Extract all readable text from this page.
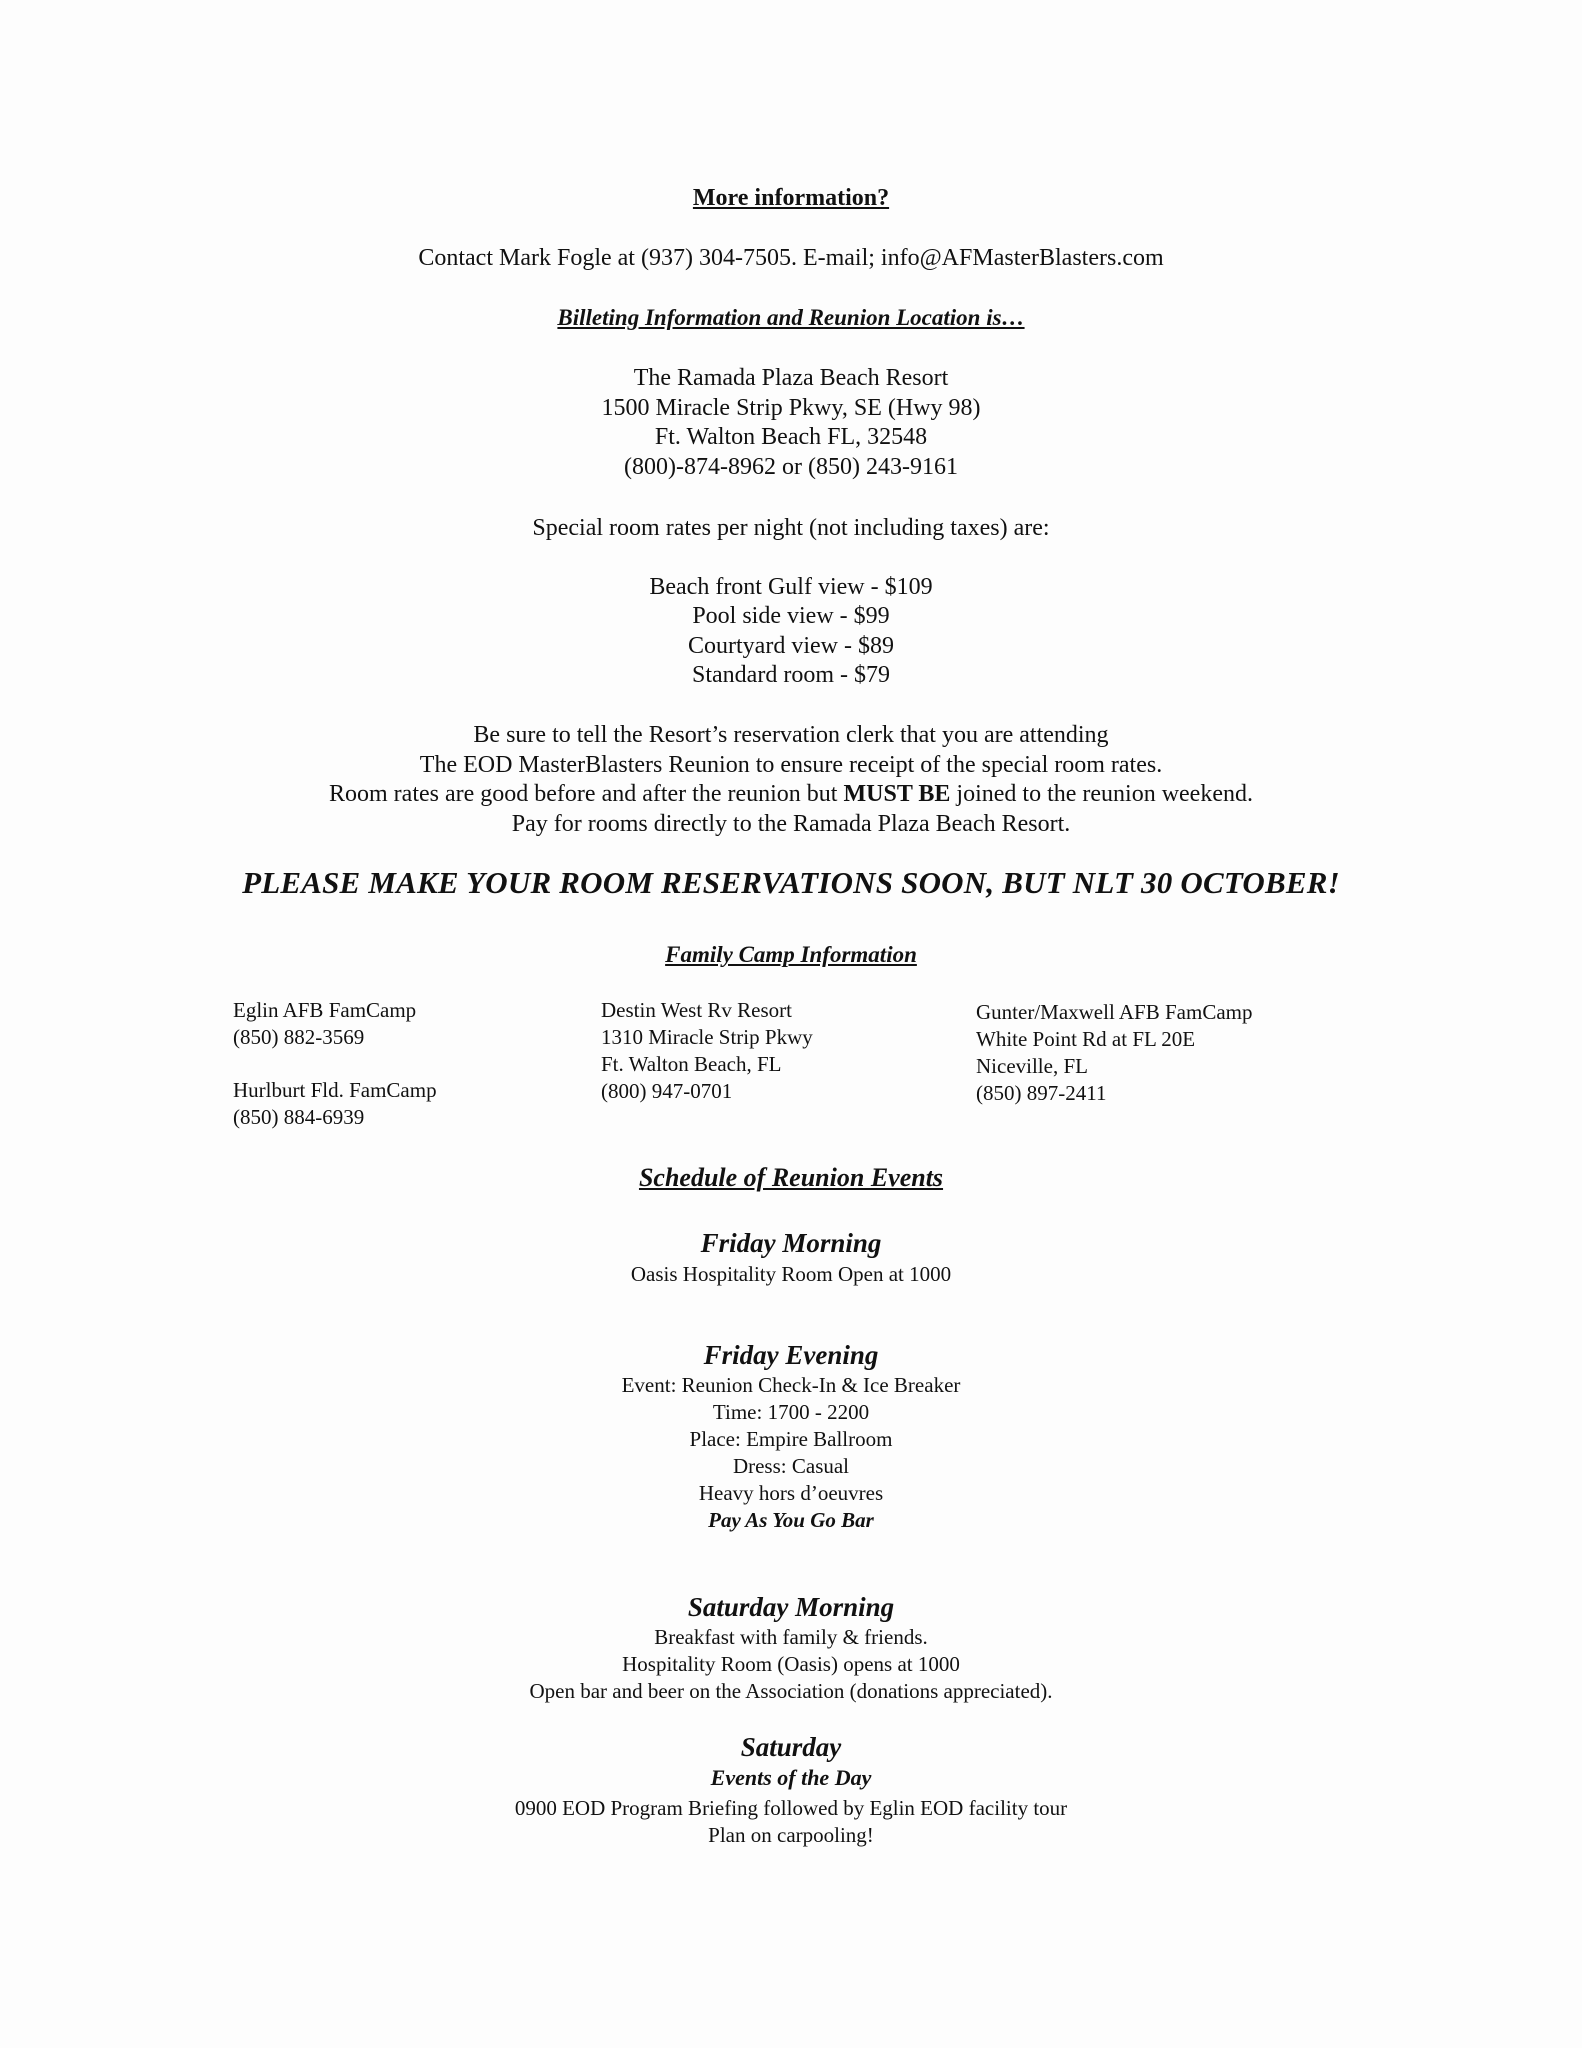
More information?
Contact Mark Fogle at (937) 304-7505. E-mail; info@AFMasterBlasters.com
Billeting Information and Reunion Location is…
The Ramada Plaza Beach Resort
1500 Miracle Strip Pkwy, SE (Hwy 98)
Ft. Walton Beach FL, 32548
(800)-874-8962 or (850) 243-9161
Special room rates per night (not including taxes) are:
Beach front Gulf view - $109
Pool side view - $99
Courtyard view - $89
Standard room - $79
Be sure to tell the Resort’s reservation clerk that you are attending
The EOD MasterBlasters Reunion to ensure receipt of the special room rates.
Room rates are good before and after the reunion but MUST BE joined to the reunion weekend.
Pay for rooms directly to the Ramada Plaza Beach Resort.
PLEASE MAKE YOUR ROOM RESERVATIONS SOON, BUT NLT 30 OCTOBER!
Family Camp Information
Eglin AFB FamCamp
(850) 882-3569
Hurlburt Fld. FamCamp
(850) 884-6939
Destin West Rv Resort
1310 Miracle Strip Pkwy
Ft. Walton Beach, FL
(800) 947-0701
Gunter/Maxwell AFB FamCamp
White Point Rd at FL 20E
Niceville, FL
(850) 897-2411
Schedule of Reunion Events
Friday Morning
Oasis Hospitality Room Open at 1000
Friday Evening
Event: Reunion Check-In & Ice Breaker
Time: 1700 - 2200
Place: Empire Ballroom
Dress: Casual
Heavy hors d’oeuvres
Pay As You Go Bar
Saturday Morning
Breakfast with family & friends.
Hospitality Room (Oasis) opens at 1000
Open bar and beer on the Association (donations appreciated).
Saturday
Events of the Day
0900 EOD Program Briefing followed by Eglin EOD facility tour
Plan on carpooling!
